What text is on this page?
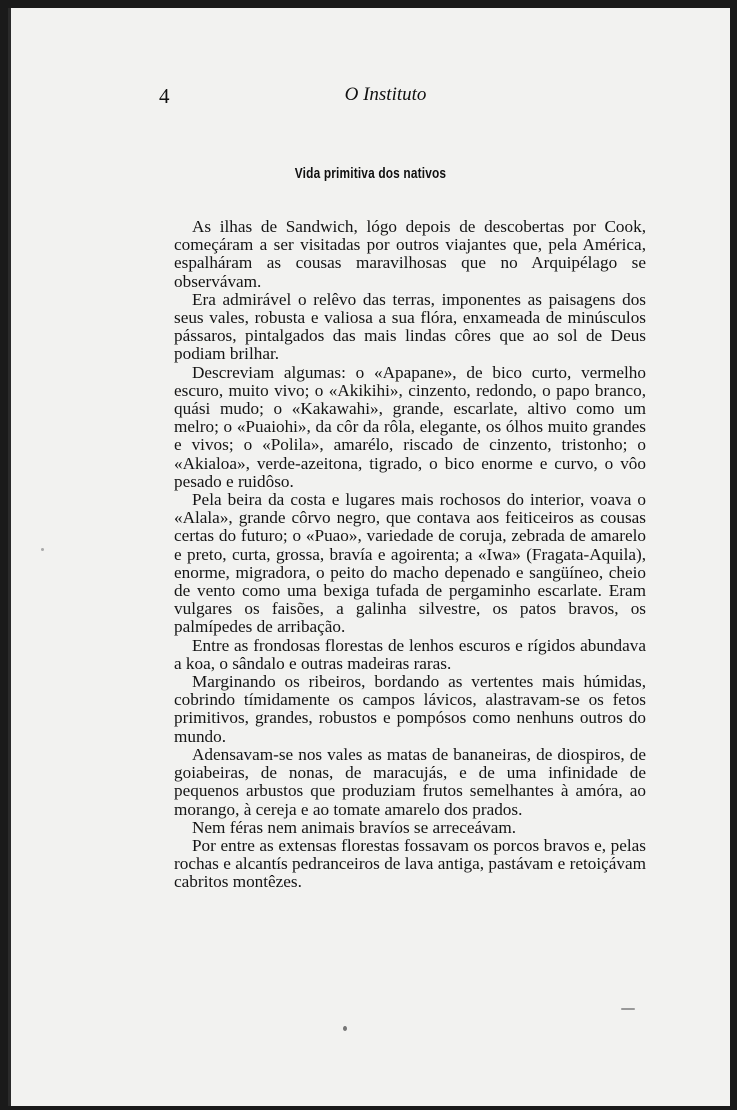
4	O Instituto
Vida primitiva dos nativos

As ilhas de Sandwich, lógo depois de descobertas por Cook, começáram a ser visitadas por outros viajantes que, pela América, espalháram as cousas maravilhosas que no Arquipélago se observávam.

Era admirável o relêvo das terras, imponentes as paisagens dos seus vales, robusta e valiosa a sua flóra, enxameada de minúsculos pássaros, pintalgados das mais lindas côres que ao sol de Deus podiam brilhar.

Descreviam algumas: o «Apapane», de bico curto, vermelho escuro, muito vivo; o «Akikihi», cinzento, redondo, o papo branco, quási mudo; o «Kakawahi», grande, escarlate, altivo como um melro; o «Puaiohi», da côr da rôla, elegante, os ólhos muito grandes e vivos; o «Polila», amarélo, riscado de cinzento, tristonho; o «Akialoa», verde-azeitona, tigrado, o bico enorme e curvo, o vôo pesado e ruidôso.

Pela beira da costa e lugares mais rochosos do interior, voava o «Alala», grande côrvo negro, que contava aos feiticeiros as cousas certas do futuro; o «Puao», variedade de coruja, zebrada de amarelo e preto, curta, grossa, bravía e agoirenta; a «Iwa» (Fragata-Aquila), enorme, migradora, o peito do macho depenado e sangüíneo, cheio de vento como uma bexiga tufada de pergaminho escarlate. Eram vulgares os faisões, a galinha silvestre, os patos bravos, os palmípedes de arribação.

Entre as frondosas florestas de lenhos escuros e rígidos abundava a koa, o sândalo e outras madeiras raras.

Marginando os ribeiros, bordando as vertentes mais húmidas, cobrindo tímidamente os campos lávicos, alastravam-se os fetos primitivos, grandes, robustos e pompósos como nenhuns outros do mundo.

Adensavam-se nos vales as matas de bananeiras, de diospiros, de goiabeiras, de nonas, de maracujás, e de uma infinidade de pequenos arbustos que produziam frutos semelhantes à amóra, ao morango, à cereja e ao tomate amarelo dos prados.

Nem féras nem animais bravíos se arreceávam.

Por entre as extensas florestas fossavam os porcos bravos e, pelas rochas e alcantís pedranceiros de lava antiga, pastávam e retoiçávam cabritos montêzes.
